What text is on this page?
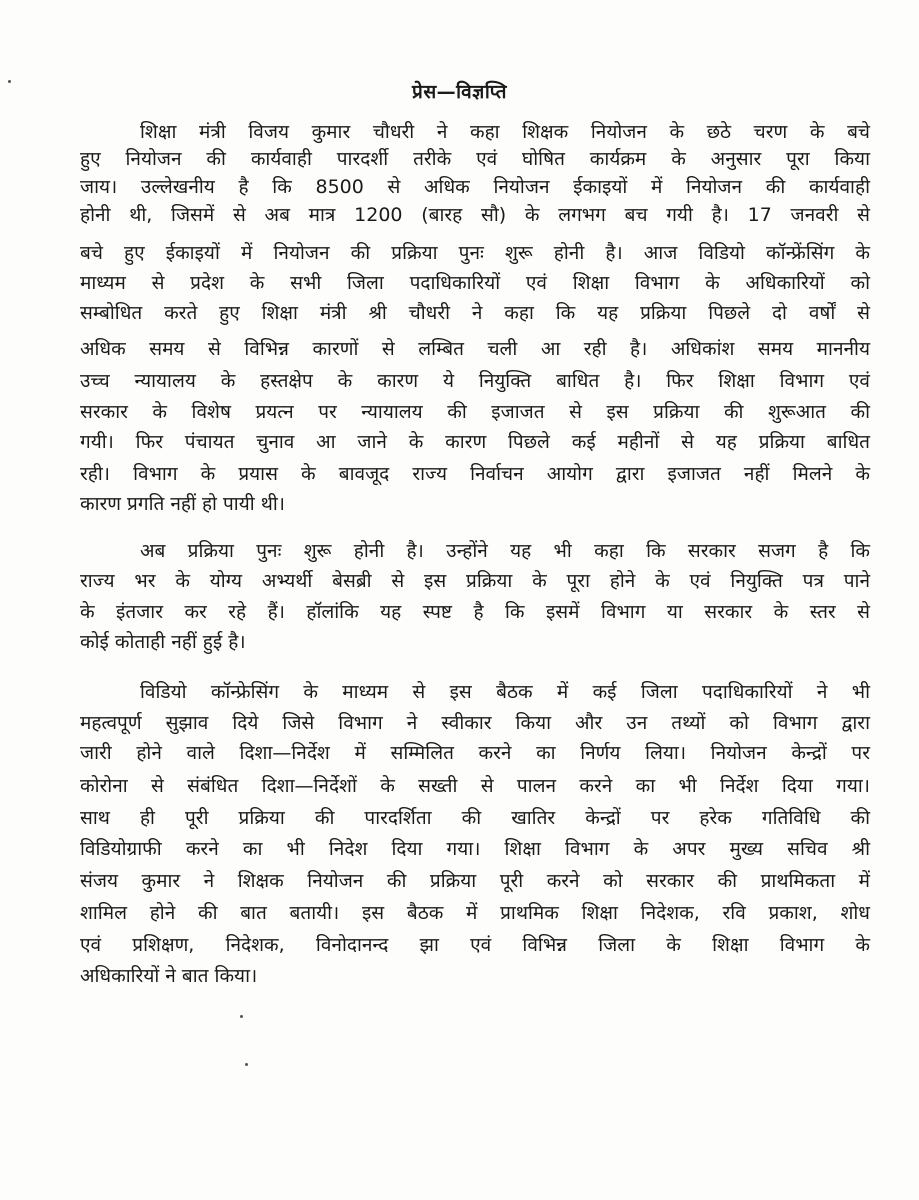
प्रेस—विज्ञप्ति
शिक्षा मंत्री विजय कुमार चौधरी ने कहा शिक्षक नियोजन के छठे चरण के बचे
हुए नियोजन की कार्यवाही पारदर्शी तरीके एवं घोषित कार्यक्रम के अनुसार पूरा किया
जाय। उल्लेखनीय है कि 8500 से अधिक नियोजन ईकाइयों में नियोजन की कार्यवाही
होनी थी, जिसमें से अब मात्र 1200 (बारह सौ) के लगभग बच गयी है। 17 जनवरी से
बचे हुए ईकाइयों में नियोजन की प्रक्रिया पुनः शुरू होनी है। आज विडियो कॉन्फ्रेंसिंग के
माध्यम से प्रदेश के सभी जिला पदाधिकारियों एवं शिक्षा विभाग के अधिकारियों को
सम्बोधित करते हुए शिक्षा मंत्री श्री चौधरी ने कहा कि यह प्रक्रिया पिछले दो वर्षों से
अधिक समय से विभिन्न कारणों से लम्बित चली आ रही है। अधिकांश समय माननीय
उच्च न्यायालय के हस्तक्षेप के कारण ये नियुक्ति बाधित है। फिर शिक्षा विभाग एवं
सरकार के विशेष प्रयत्न पर न्यायालय की इजाजत से इस प्रक्रिया की शुरूआत की
गयी। फिर पंचायत चुनाव आ जाने के कारण पिछले कई महीनों से यह प्रक्रिया बाधित
रही। विभाग के प्रयास के बावजूद राज्य निर्वाचन आयोग द्वारा इजाजत नहीं मिलने के
कारण प्रगति नहीं हो पायी थी।
अब प्रक्रिया पुनः शुरू होनी है। उन्होंने यह भी कहा कि सरकार सजग है कि
राज्य भर के योग्य अभ्यर्थी बेसब्री से इस प्रक्रिया के पूरा होने के एवं नियुक्ति पत्र पाने
के इंतजार कर रहे हैं। हॉलांकि यह स्पष्ट है कि इसमें विभाग या सरकार के स्तर से
कोई कोताही नहीं हुई है।
विडियो कॉन्फ्रेसिंग के माध्यम से इस बैठक में कई जिला पदाधिकारियों ने भी
महत्वपूर्ण सुझाव दिये जिसे विभाग ने स्वीकार किया और उन तथ्यों को विभाग द्वारा
जारी होने वाले दिशा—निर्देश में सम्मिलित करने का निर्णय लिया। नियोजन केन्द्रों पर
कोरोना से संबंधित दिशा—निर्देशों के सख्ती से पालन करने का भी निर्देश दिया गया।
साथ ही पूरी प्रक्रिया की पारदर्शिता की खातिर केन्द्रों पर हरेक गतिविधि की
विडियोग्राफी करने का भी निदेश दिया गया। शिक्षा विभाग के अपर मुख्य सचिव श्री
संजय कुमार ने शिक्षक नियोजन की प्रक्रिया पूरी करने को सरकार की प्राथमिकता में
शामिल होने की बात बतायी। इस बैठक में प्राथमिक शिक्षा निदेशक, रवि प्रकाश, शोध
एवं प्रशिक्षण, निदेशक, विनोदानन्द झा एवं विभिन्न जिला के शिक्षा विभाग के
अधिकारियों ने बात किया।
